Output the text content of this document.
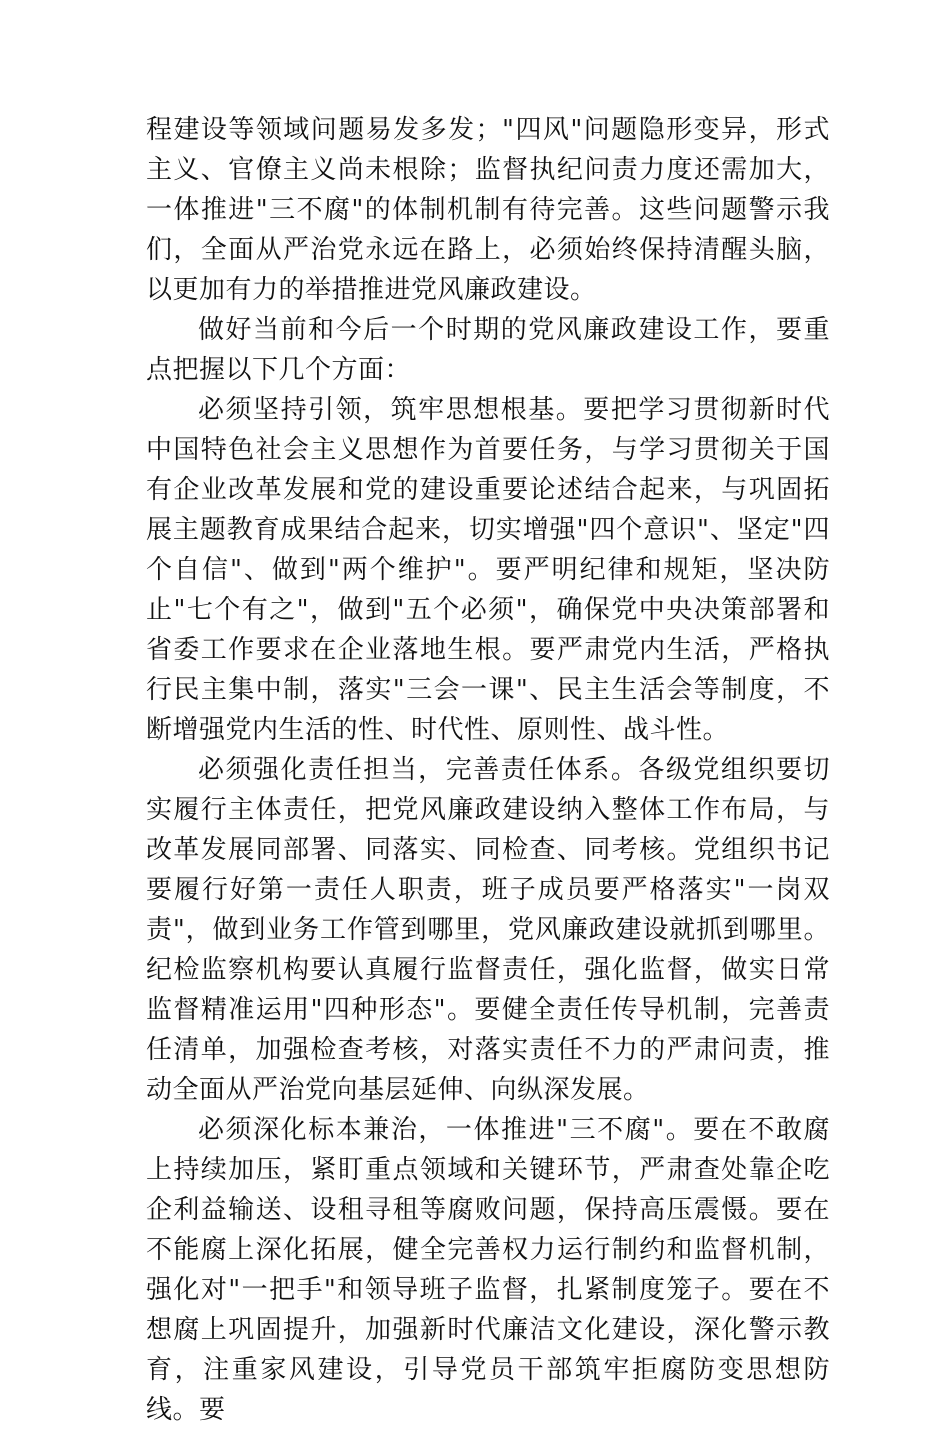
程建设等领域问题易发多发；"四风"问题隐形变异，形式主义、官僚主义尚未根除；监督执纪问责力度还需加大，一体推进"三不腐"的体制机制有待完善。这些问题警示我们，全面从严治党永远在路上，必须始终保持清醒头脑，以更加有力的举措推进党风廉政建设。

做好当前和今后一个时期的党风廉政建设工作，要重点把握以下几个方面：

必须坚持引领，筑牢思想根基。要把学习贯彻新时代中国特色社会主义思想作为首要任务，与学习贯彻关于国有企业改革发展和党的建设重要论述结合起来，与巩固拓展主题教育成果结合起来，切实增强"四个意识"、坚定"四个自信"、做到"两个维护"。要严明纪律和规矩，坚决防止"七个有之"，做到"五个必须"，确保党中央决策部署和省委工作要求在企业落地生根。要严肃党内生活，严格执行民主集中制，落实"三会一课"、民主生活会等制度，不断增强党内生活的性、时代性、原则性、战斗性。

必须强化责任担当，完善责任体系。各级党组织要切实履行主体责任，把党风廉政建设纳入整体工作布局，与改革发展同部署、同落实、同检查、同考核。党组织书记要履行好第一责任人职责，班子成员要严格落实"一岗双责"，做到业务工作管到哪里，党风廉政建设就抓到哪里。纪检监察机构要认真履行监督责任，强化监督，做实日常监督精准运用"四种形态"。要健全责任传导机制，完善责任清单，加强检查考核，对落实责任不力的严肃问责，推动全面从严治党向基层延伸、向纵深发展。

必须深化标本兼治，一体推进"三不腐"。要在不敢腐上持续加压，紧盯重点领域和关键环节，严肃查处靠企吃企利益输送、设租寻租等腐败问题，保持高压震慑。要在不能腐上深化拓展，健全完善权力运行制约和监督机制，强化对"一把手"和领导班子监督，扎紧制度笼子。要在不想腐上巩固提升，加强新时代廉洁文化建设，深化警示教育，注重家风建设，引导党员干部筑牢拒腐防变思想防线。要
